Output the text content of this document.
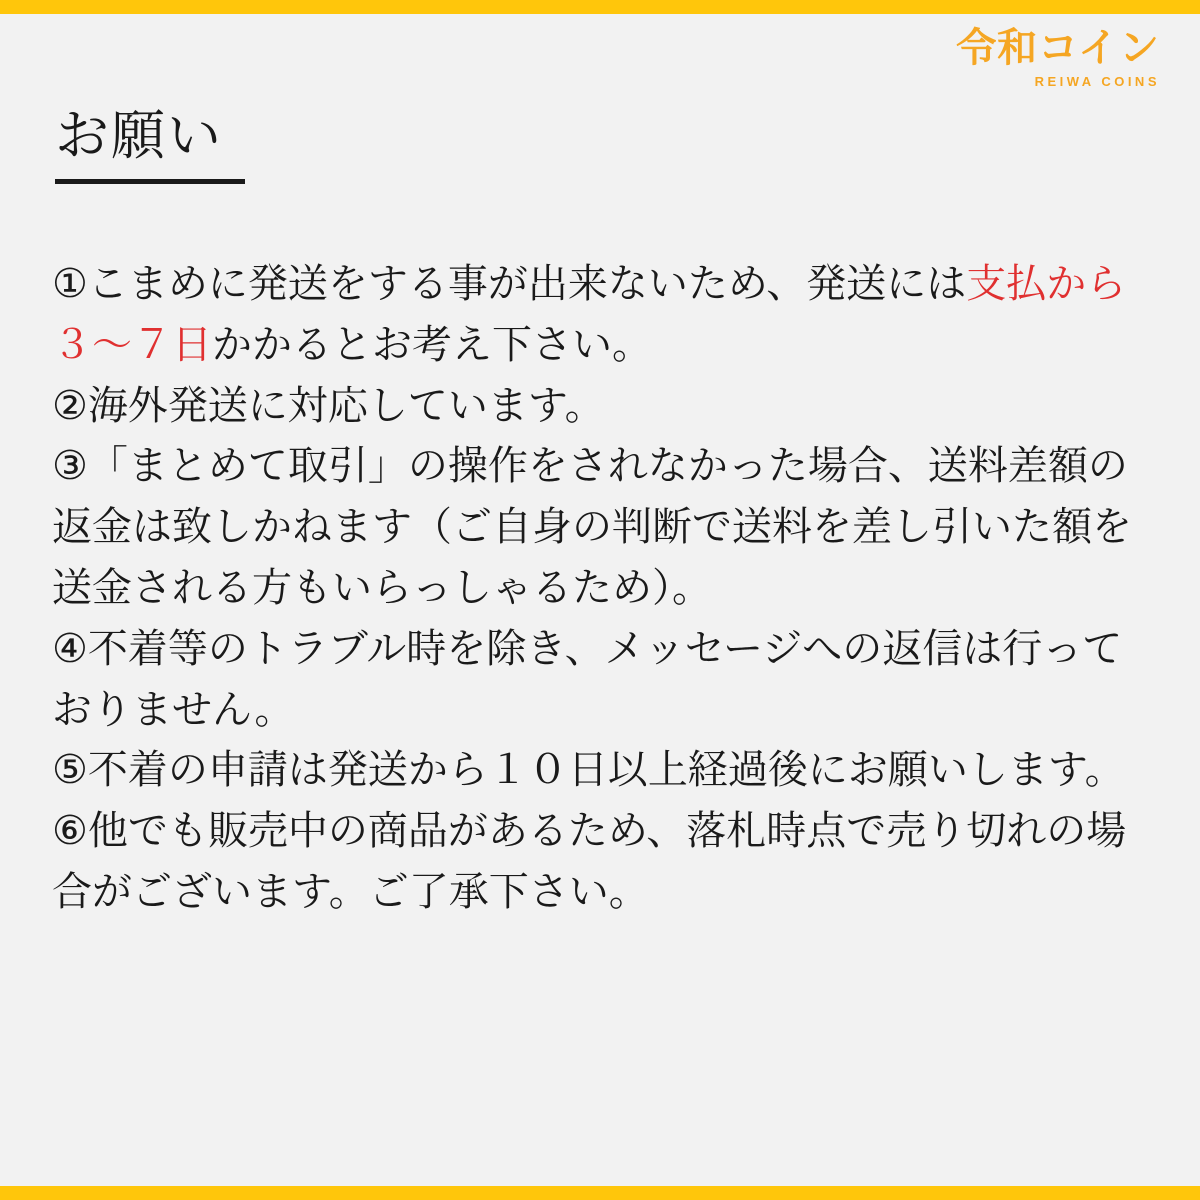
令和コイン
REIWA COINS
お願い

①こまめに発送をする事が出来ないため、発送には支払から３〜７日かかるとお考え下さい。

②海外発送に対応しています。

③「まとめて取引」の操作をされなかった場合、送料差額の返金は致しかねます（ご自身の判断で送料を差し引いた額を送金される方もいらっしゃるため）。

④不着等のトラブル時を除き、メッセージへの返信は行っておりません。

⑤不着の申請は発送から１０日以上経過後にお願いします。

⑥他でも販売中の商品があるため、落札時点で売り切れの場合がございます。ご了承下さい。
